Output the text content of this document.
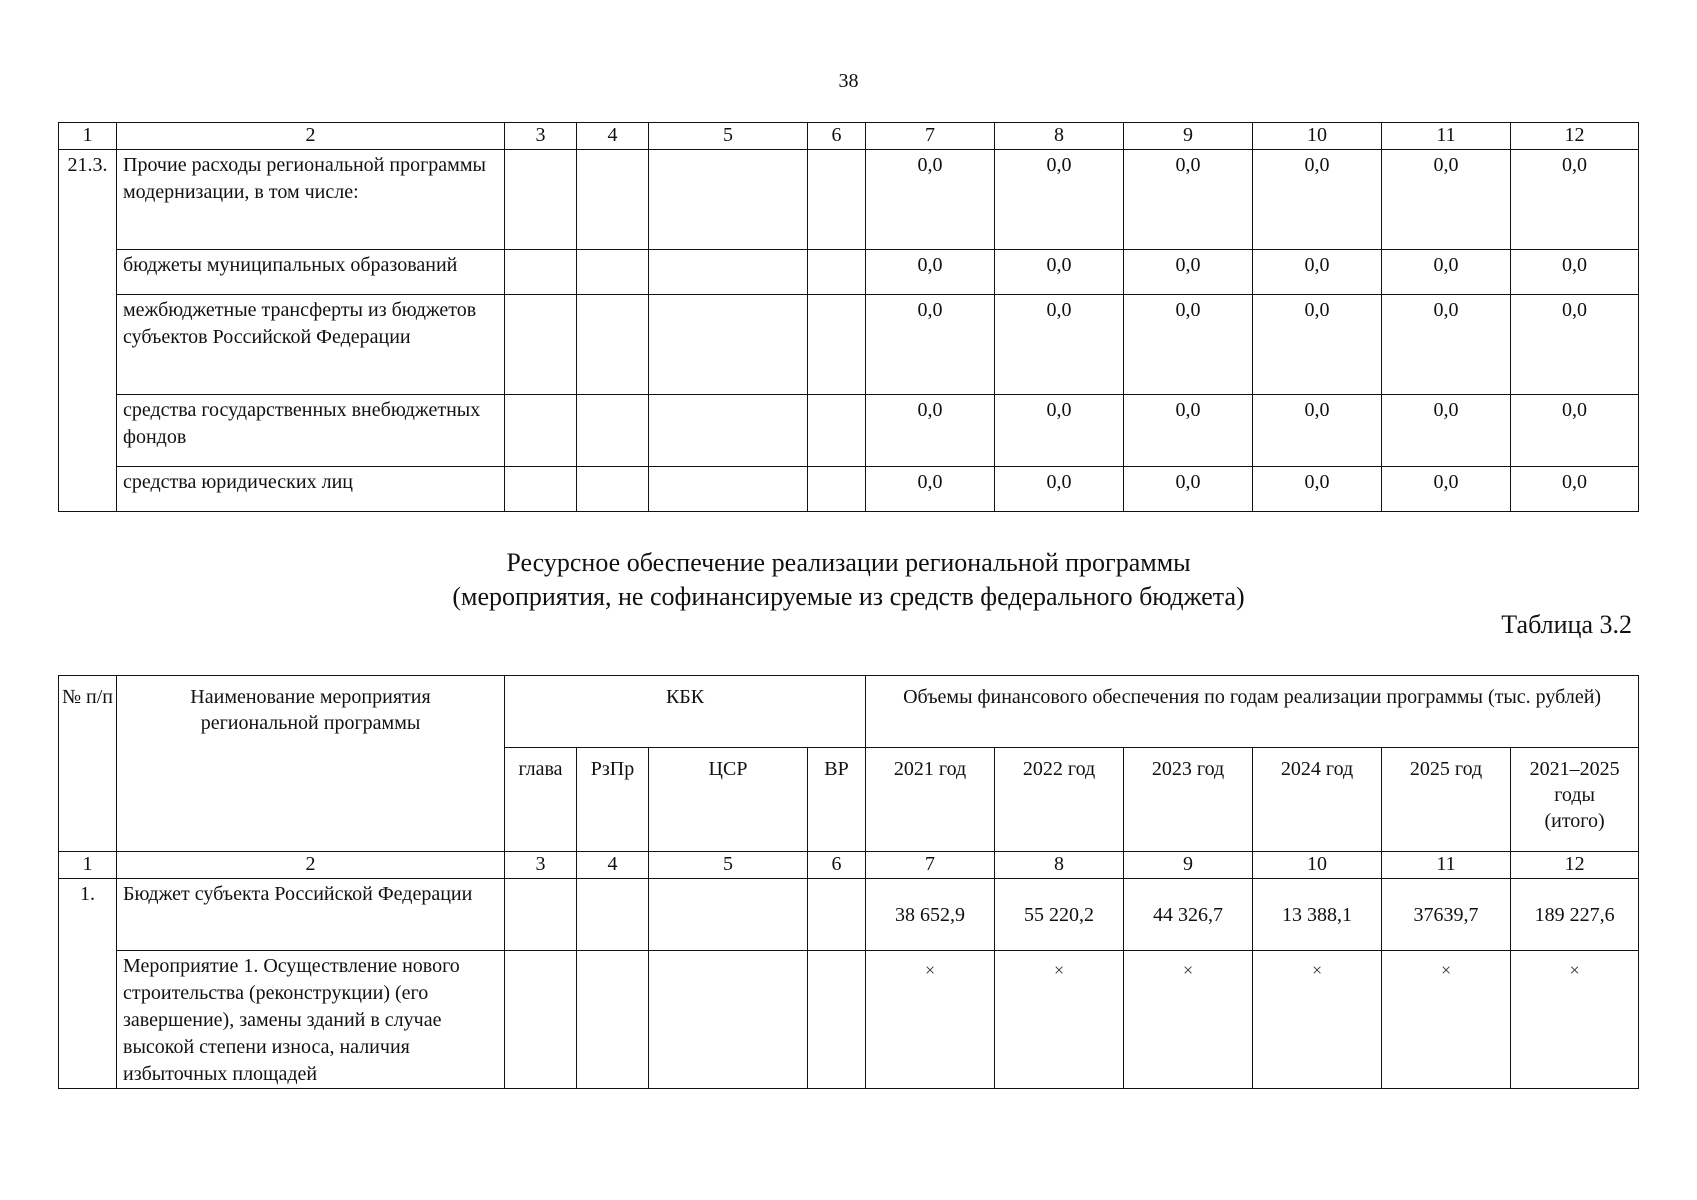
38
1	2	3	4	5	6	7	8	9	10	11	12
21.3.	Прочие расходы региональной программы модернизации, в том числе:					0,0	0,0	0,0	0,0	0,0	0,0
	бюджеты муниципальных образований					0,0	0,0	0,0	0,0	0,0	0,0
	межбюджетные трансферты из бюджетов субъектов Российской Федерации					0,0	0,0	0,0	0,0	0,0	0,0
	средства государственных внебюджетных фондов					0,0	0,0	0,0	0,0	0,0	0,0
	средства юридических лиц					0,0	0,0	0,0	0,0	0,0	0,0
Ресурсное обеспечение реализации региональной программы
(мероприятия, не софинансируемые из средств федерального бюджета)
Таблица 3.2
№ п/п	Наименование мероприятия региональной программы	КБК				Объемы финансового обеспечения по годам реализации программы (тыс. рублей)					
		глава	РзПр	ЦСР	ВР	2021 год	2022 год	2023 год	2024 год	2025 год	2021–2025 годы (итого)
1	2	3	4	5	6	7	8	9	10	11	12
1.	Бюджет субъекта Российской Федерации					38 652,9	55 220,2	44 326,7	13 388,1	37639,7	189 227,6
	Мероприятие 1. Осуществление нового строительства (реконструкции) (его завершение), замены зданий в случае высокой степени износа, наличия избыточных площадей					×	×	×	×	×	×
